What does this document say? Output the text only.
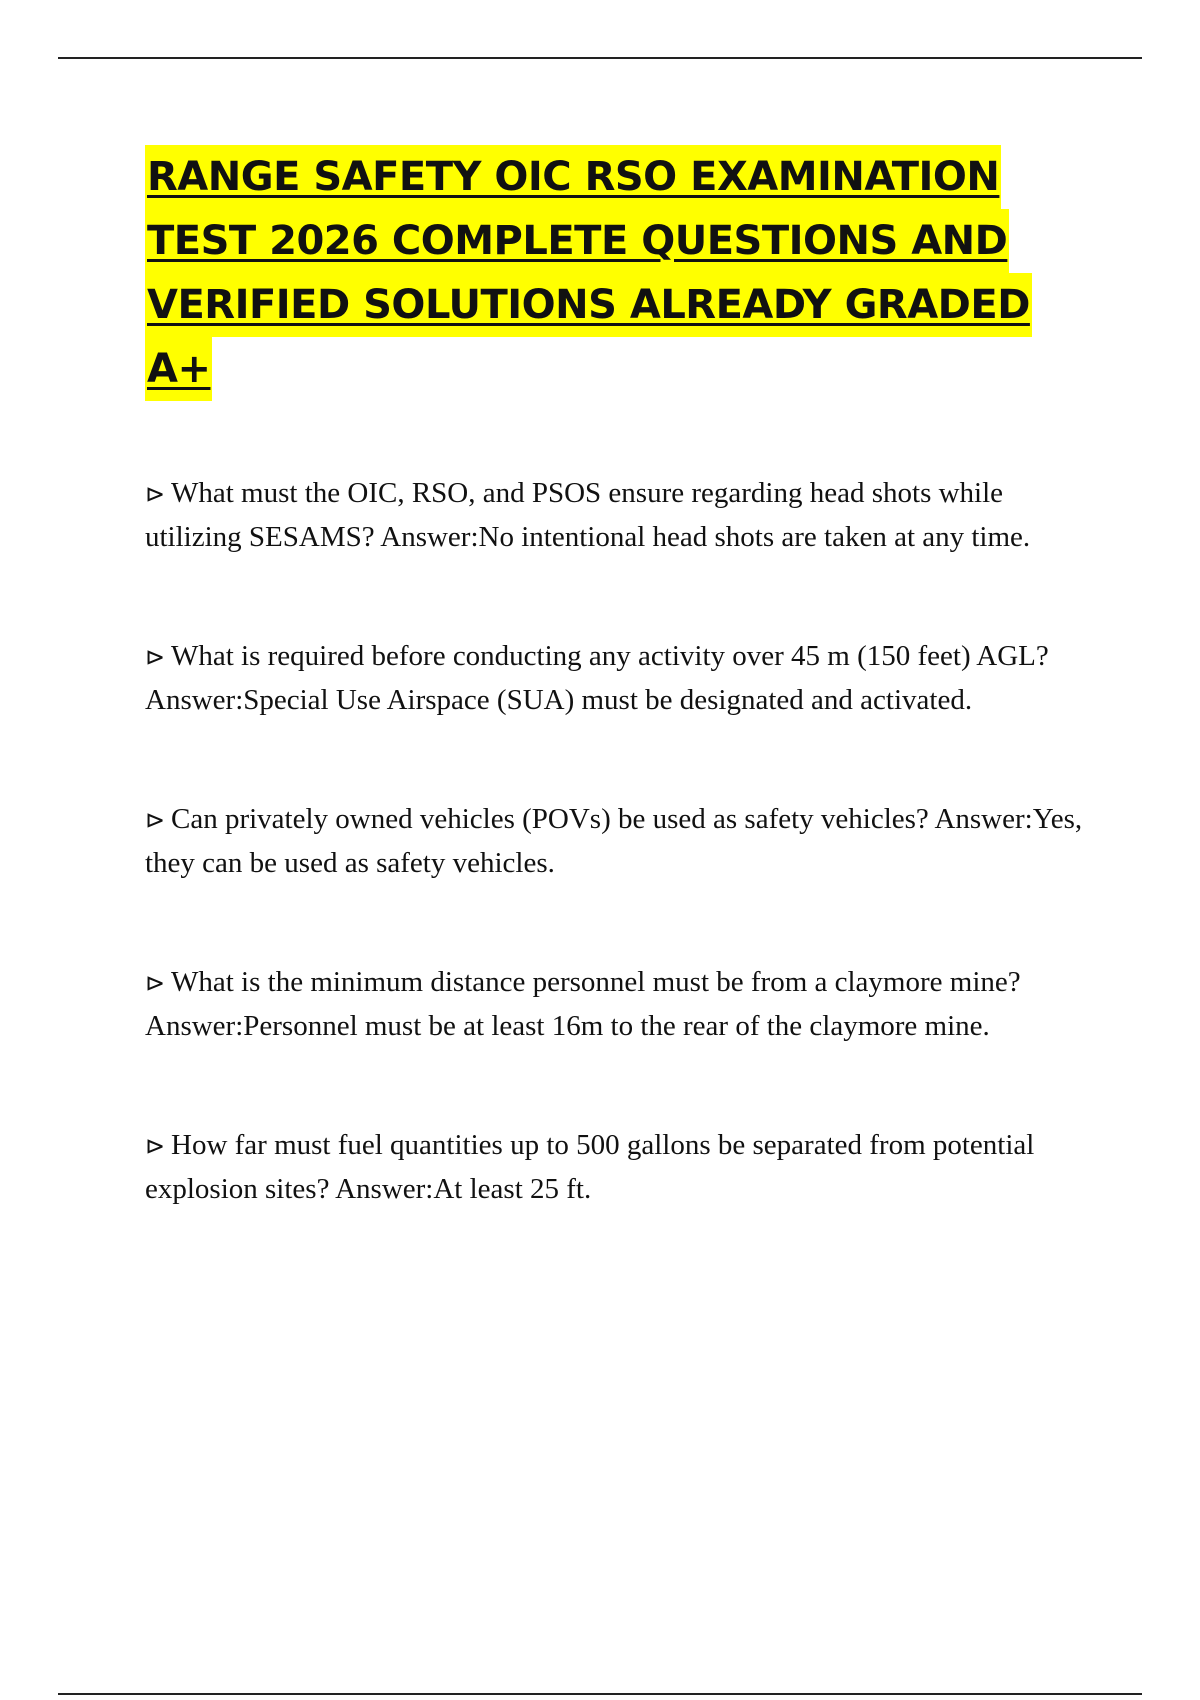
RANGE SAFETY OIC RSO EXAMINATION
TEST 2026 COMPLETE QUESTIONS AND
VERIFIED SOLUTIONS ALREADY GRADED
A+

⊳ What must the OIC, RSO, and PSOS ensure regarding head shots while utilizing SESAMS? Answer:No intentional head shots are taken at any time.

⊳ What is required before conducting any activity over 45 m (150 feet) AGL? Answer:Special Use Airspace (SUA) must be designated and activated.

⊳ Can privately owned vehicles (POVs) be used as safety vehicles? Answer:Yes, they can be used as safety vehicles.

⊳ What is the minimum distance personnel must be from a claymore mine? Answer:Personnel must be at least 16m to the rear of the claymore mine.

⊳ How far must fuel quantities up to 500 gallons be separated from potential explosion sites? Answer:At least 25 ft.
